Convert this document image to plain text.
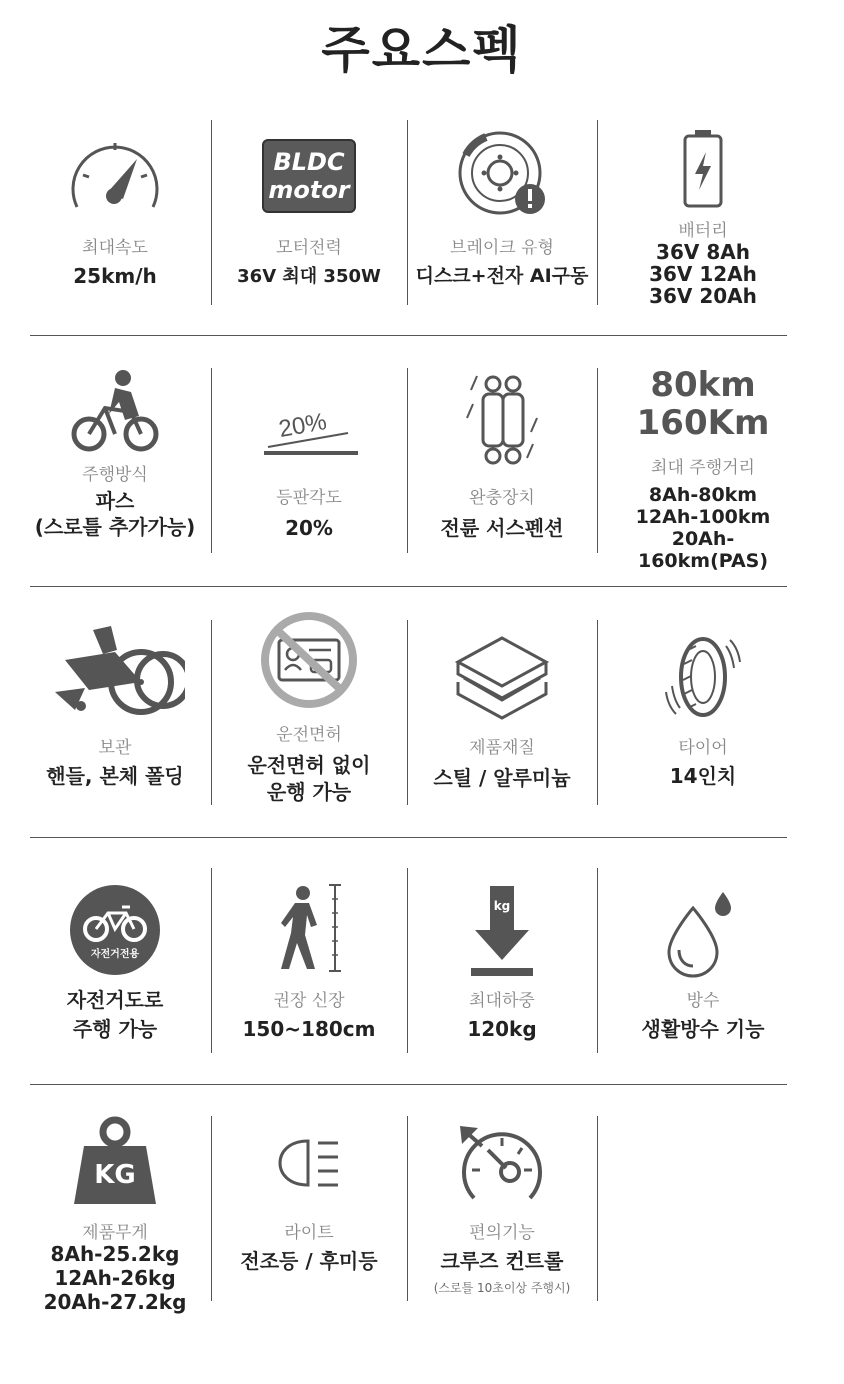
주요스펙
최대속도
25km/h
BLDC
motor
모터전력
36V 최대 350W
브레이크 유형
디스크+전자 AI구동
배터리
36V 8Ah
36V 12Ah
36V 20Ah
주행방식
파스
(스로틀 추가가능)
20%
등판각도
20%
완충장치
전륜 서스펜션
80km
160Km
최대 주행거리
8Ah-80km
12Ah-100km
20Ah-160km(PAS)
보관
핸들, 본체 폴딩
운전면허
운전면허 없이
운행 가능
제품재질
스틸 / 알루미늄
타이어
14인치
자전거전용
자전거도로
주행 가능
권장 신장
150~180cm
kg
최대하중
120kg
방수
생활방수 기능
KG
제품무게
8Ah-25.2kg
12Ah-26kg
20Ah-27.2kg
라이트
전조등 / 후미등
편의기능
크루즈 컨트롤
(스로틀 10초이상 주행시)
